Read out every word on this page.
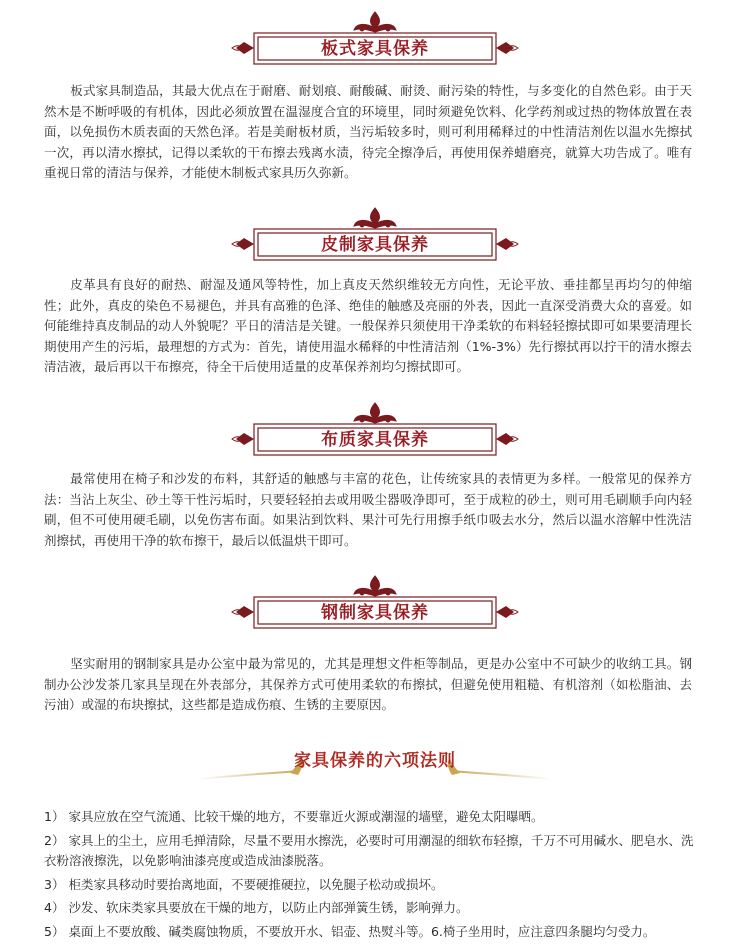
板式家具保养
板式家具制造品，其最大优点在于耐磨、耐划痕、耐酸碱、耐烫、耐污染的特性，与多变化的自然色彩。由于天然木是不断呼吸的有机体，因此必须放置在温湿度合宜的环境里，同时须避免饮料、化学药剂或过热的物体放置在表面，以免损伤木质表面的天然色泽。若是美耐板材质，当污垢较多时，则可利用稀释过的中性清洁剂佐以温水先擦拭一次，再以清水擦拭，记得以柔软的干布擦去残离水渍，待完全擦净后，再使用保养蜡磨亮，就算大功告成了。唯有重视日常的清洁与保养，才能使木制板式家具历久弥新。
皮制家具保养
皮革具有良好的耐热、耐湿及通风等特性，加上真皮天然织维较无方向性，无论平放、垂挂都呈再均匀的伸缩性；此外，真皮的染色不易褪色，并具有高雅的色泽、绝佳的触感及亮丽的外表，因此一直深受消费大众的喜爱。如何能维持真皮制品的动人外貌呢？平日的清洁是关键。一般保养只须使用干净柔软的布料轻轻擦拭即可如果要清理长期使用产生的污垢，最理想的方式为：首先，请使用温水稀释的中性清洁剂（1%-3%）先行擦拭再以拧干的清水擦去清洁液，最后再以干布擦亮，待全干后使用适量的皮革保养剂均匀擦拭即可。
布质家具保养
最常使用在椅子和沙发的布料，其舒适的触感与丰富的花色，让传统家具的表情更为多样。一般常见的保养方法：当沾上灰尘、砂土等干性污垢时，只要轻轻拍去或用吸尘器吸净即可，至于成粒的砂土，则可用毛刷顺手向内轻刷，但不可使用硬毛刷，以免伤害布面。如果沾到饮料、果汁可先行用擦手纸巾吸去水分，然后以温水溶解中性洗洁剂擦拭，再使用干净的软布擦干，最后以低温烘干即可。
钢制家具保养
坚实耐用的钢制家具是办公室中最为常见的，尤其是理想文件柜等制品，更是办公室中不可缺少的收纳工具。钢制办公沙发茶几家具呈现在外表部分，其保养方式可使用柔软的布擦拭，但避免使用粗糙、有机溶剂（如松脂油、去污油）或湿的布块擦拭，这些都是造成伤痕、生锈的主要原因。
家具保养的六项法则
1） 家具应放在空气流通、比较干燥的地方，不要靠近火源或潮湿的墙壁，避免太阳曝晒。
2） 家具上的尘土，应用毛掸清除，尽量不要用水擦洗，必要时可用潮湿的细软布轻擦，千万不可用碱水、肥皂水、洗衣粉溶液擦洗，以免影响油漆亮度或造成油漆脱落。
3） 柜类家具移动时要抬离地面，不要硬推硬拉，以免腿子松动或损坏。
4） 沙发、软床类家具要放在干燥的地方，以防止内部弹簧生锈，影响弹力。
5） 桌面上不要放酸、碱类腐蚀物质，不要放开水、铝壶、热熨斗等。6.椅子坐用时，应注意四条腿均匀受力。
